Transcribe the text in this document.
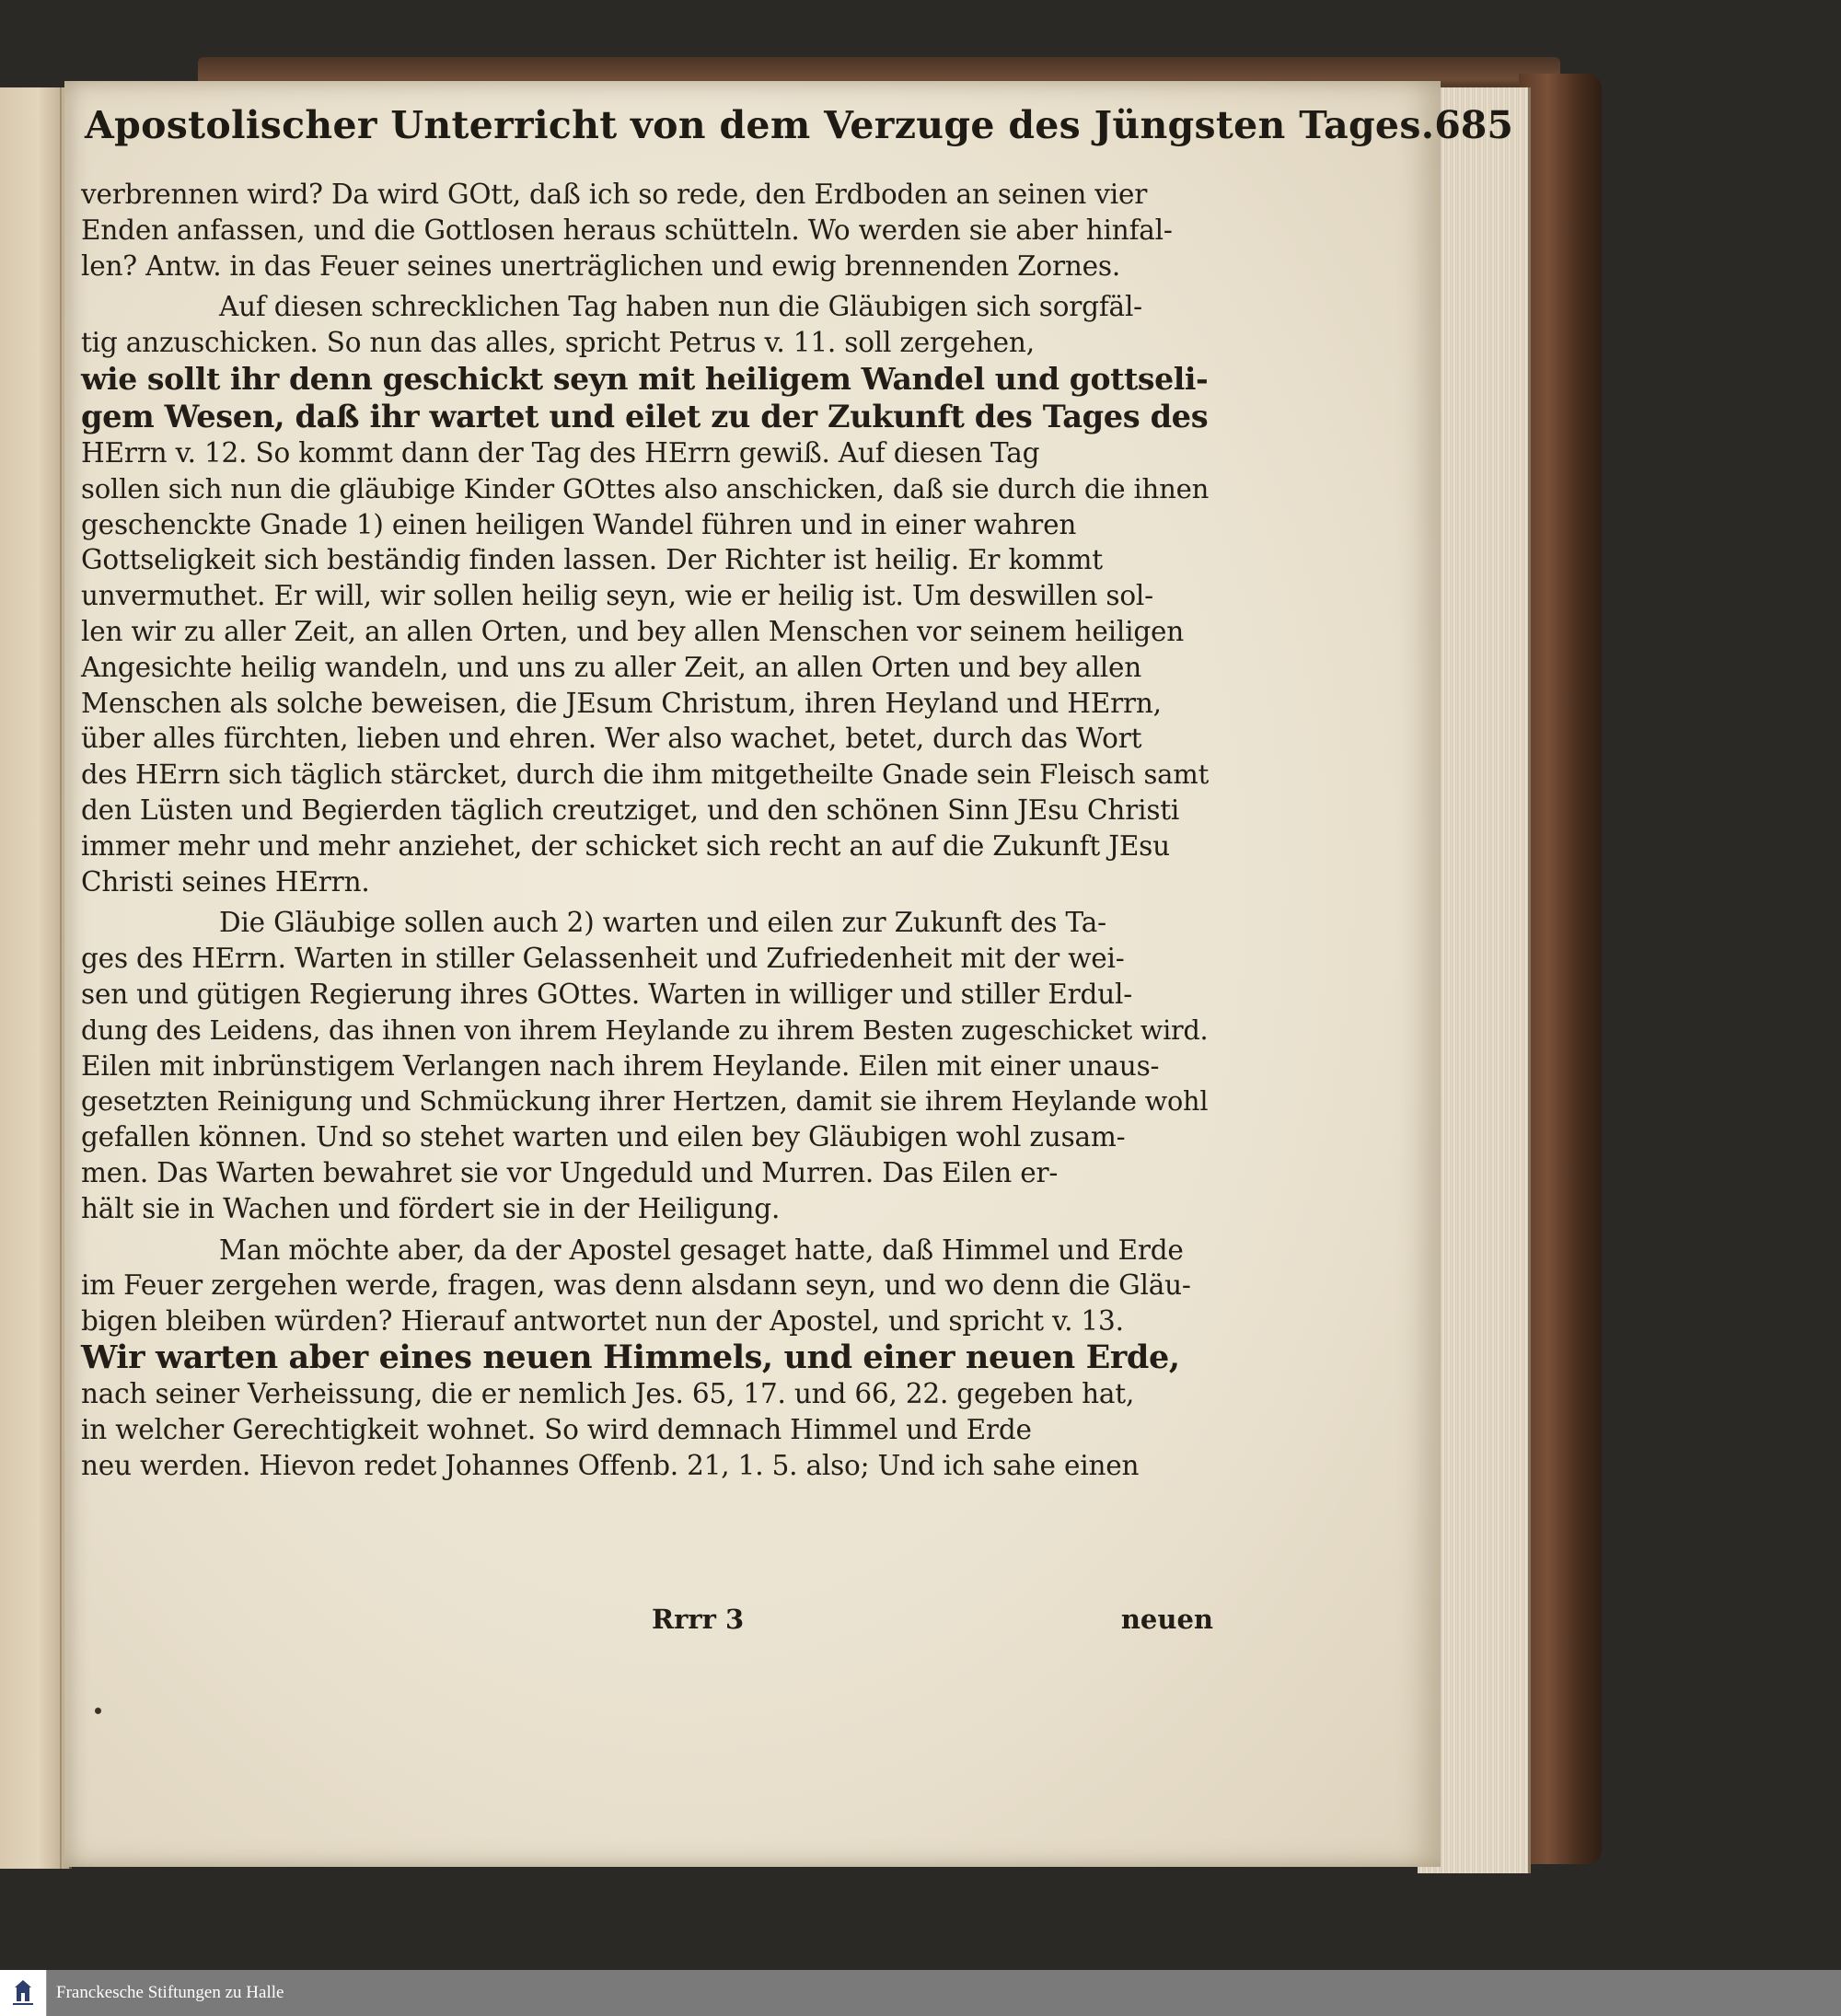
Apostolischer Unterricht von dem Verzuge des Jüngsten Tages. 685
verbrennen wird? Da wird GOtt, daß ich so rede, den Erdboden an seinen vier
Enden anfassen, und die Gottlosen heraus schütteln. Wo werden sie aber hinfal-
len? Antw. in das Feuer seines unerträglichen und ewig brennenden Zornes.
Auf diesen schrecklichen Tag haben nun die Gläubigen sich sorgfäl-
tig anzuschicken. So nun das alles, spricht Petrus v. 11. soll zergehen,
wie sollt ihr denn geschickt seyn mit heiligem Wandel und gottseli-
gem Wesen, daß ihr wartet und eilet zu der Zukunft des Tages des
HErrn v. 12. So kommt dann der Tag des HErrn gewiß. Auf diesen Tag
sollen sich nun die gläubige Kinder GOttes also anschicken, daß sie durch die ihnen
geschenckte Gnade 1) einen heiligen Wandel führen und in einer wahren
Gottseligkeit sich beständig finden lassen. Der Richter ist heilig. Er kommt
unvermuthet. Er will, wir sollen heilig seyn, wie er heilig ist. Um deswillen sol-
len wir zu aller Zeit, an allen Orten, und bey allen Menschen vor seinem heiligen
Angesichte heilig wandeln, und uns zu aller Zeit, an allen Orten und bey allen
Menschen als solche beweisen, die JEsum Christum, ihren Heyland und HErrn,
über alles fürchten, lieben und ehren. Wer also wachet, betet, durch das Wort
des HErrn sich täglich stärcket, durch die ihm mitgetheilte Gnade sein Fleisch samt
den Lüsten und Begierden täglich creutziget, und den schönen Sinn JEsu Christi
immer mehr und mehr anziehet, der schicket sich recht an auf die Zukunft JEsu
Christi seines HErrn.
Die Gläubige sollen auch 2) warten und eilen zur Zukunft des Ta-
ges des HErrn. Warten in stiller Gelassenheit und Zufriedenheit mit der wei-
sen und gütigen Regierung ihres GOttes. Warten in williger und stiller Erdul-
dung des Leidens, das ihnen von ihrem Heylande zu ihrem Besten zugeschicket wird.
Eilen mit inbrünstigem Verlangen nach ihrem Heylande. Eilen mit einer unaus-
gesetzten Reinigung und Schmückung ihrer Hertzen, damit sie ihrem Heylande wohl
gefallen können. Und so stehet warten und eilen bey Gläubigen wohl zusam-
men. Das Warten bewahret sie vor Ungeduld und Murren. Das Eilen er-
hält sie in Wachen und fördert sie in der Heiligung.
Man möchte aber, da der Apostel gesaget hatte, daß Himmel und Erde
im Feuer zergehen werde, fragen, was denn alsdann seyn, und wo denn die Gläu-
bigen bleiben würden? Hierauf antwortet nun der Apostel, und spricht v. 13.
Wir warten aber eines neuen Himmels, und einer neuen Erde,
nach seiner Verheissung, die er nemlich Jes. 65, 17. und 66, 22. gegeben hat,
in welcher Gerechtigkeit wohnet. So wird demnach Himmel und Erde
neu werden. Hievon redet Johannes Offenb. 21, 1. 5. also; Und ich sahe einen
Rrrr 3	neuen
Franckesche Stiftungen zu Halle
